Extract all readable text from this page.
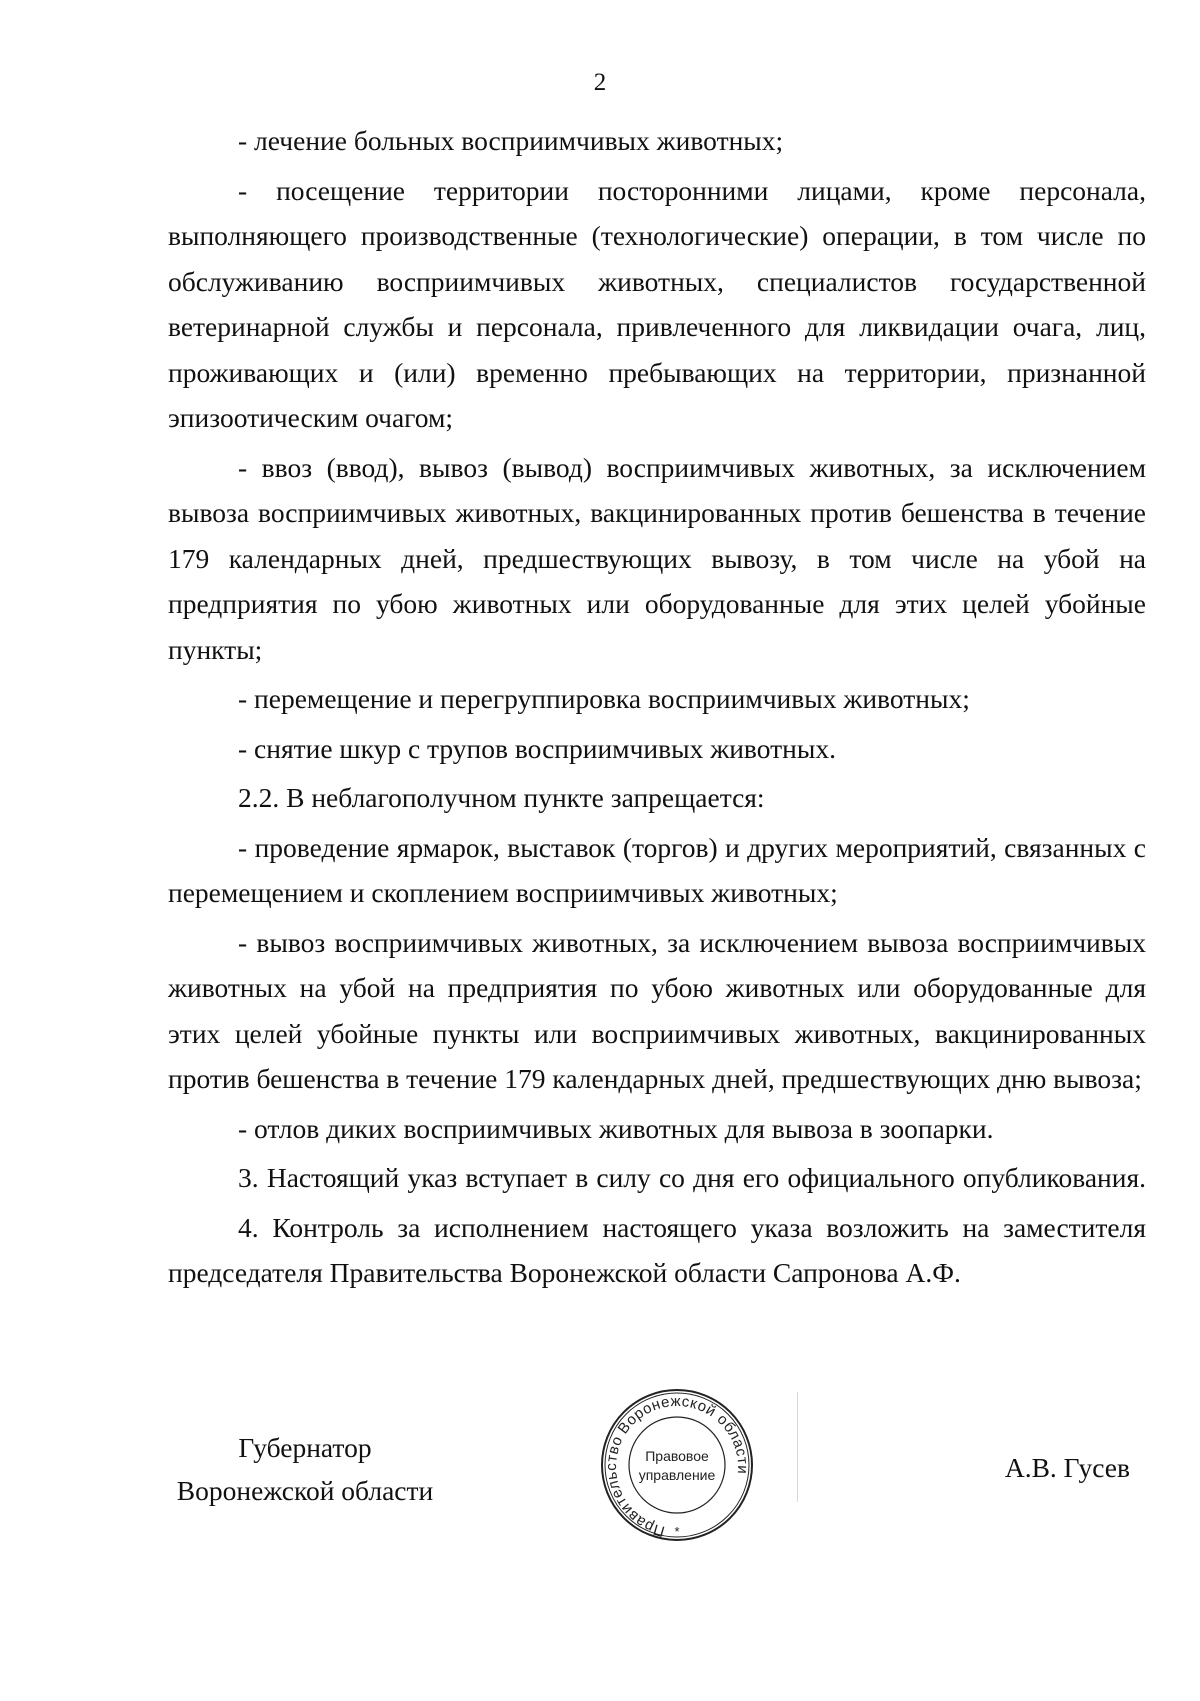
2

- лечение больных восприимчивых животных;

- посещение территории посторонними лицами, кроме персонала, выполняющего производственные (технологические) операции, в том числе по обслуживанию восприимчивых животных, специалистов государственной ветеринарной службы и персонала, привлеченного для ликвидации очага, лиц, проживающих и (или) временно пребывающих на территории, признанной эпизоотическим очагом;

- ввоз (ввод), вывоз (вывод) восприимчивых животных, за исключением вывоза восприимчивых животных, вакцинированных против бешенства в течение 179 календарных дней, предшествующих вывозу, в том числе на убой на предприятия по убою животных или оборудованные для этих целей убойные пункты;

- перемещение и перегруппировка восприимчивых животных;

- снятие шкур с трупов восприимчивых животных.

2.2. В неблагополучном пункте запрещается:

- проведение ярмарок, выставок (торгов) и других мероприятий, связанных с перемещением и скоплением восприимчивых животных;

- вывоз восприимчивых животных, за исключением вывоза восприимчивых животных на убой на предприятия по убою животных или оборудованные для этих целей убойные пункты или восприимчивых животных, вакцинированных против бешенства в течение 179 календарных дней, предшествующих дню вывоза;

- отлов диких восприимчивых животных для вывоза в зоопарки.

3. Настоящий указ вступает в силу со дня его официального опубликования.

4. Контроль за исполнением настоящего указа возложить на заместителя председателя Правительства Воронежской области Сапронова А.Ф.

Губернатор
Воронежской области
Правительство Воронежской области
Правовое
управление
*

А.В. Гусев
